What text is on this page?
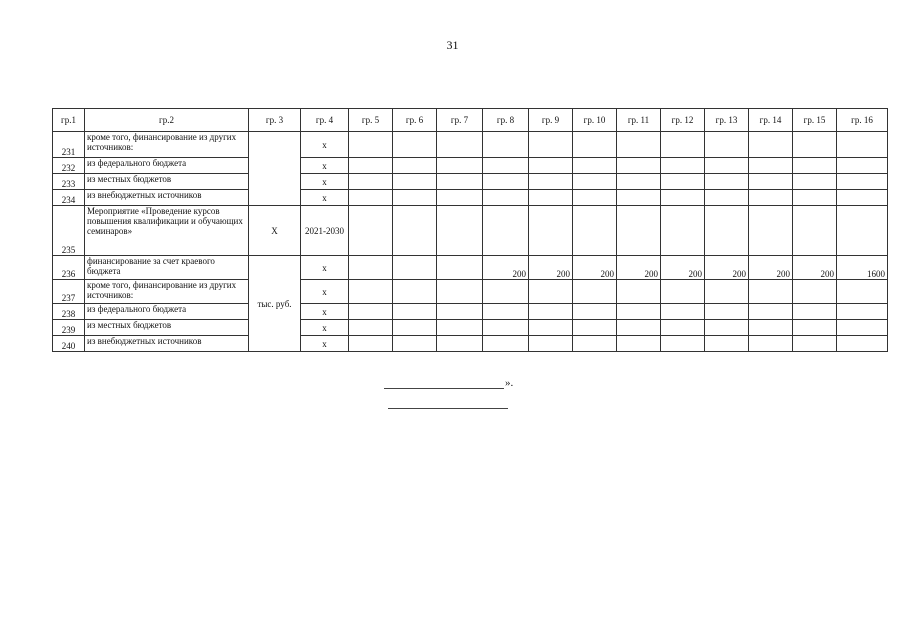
31
гр.1	гр.2	гр. 3	гр. 4	гр. 5	гр. 6	гр. 7	гр. 8	гр. 9	гр. 10	гр. 11	гр. 12	гр. 13	гр. 14	гр. 15	гр. 16
231	кроме того, финансирование из других источников:		х												
232	из федерального бюджета		х												
233	из местных бюджетов		х												
234	из внебюджетных источников		х												
235	Мероприятие «Проведение курсов повышения квалификации и обучающих семинаров»	Х	2021-2030												
236	финансирование за счет краевого бюджета	тыс. руб.	х				200	200	200	200	200	200	200	200	1600
237	кроме того, финансирование из других источников:		х												
238	из федерального бюджета		х												
239	из местных бюджетов		х												
240	из внебюджетных источников		х												
».
